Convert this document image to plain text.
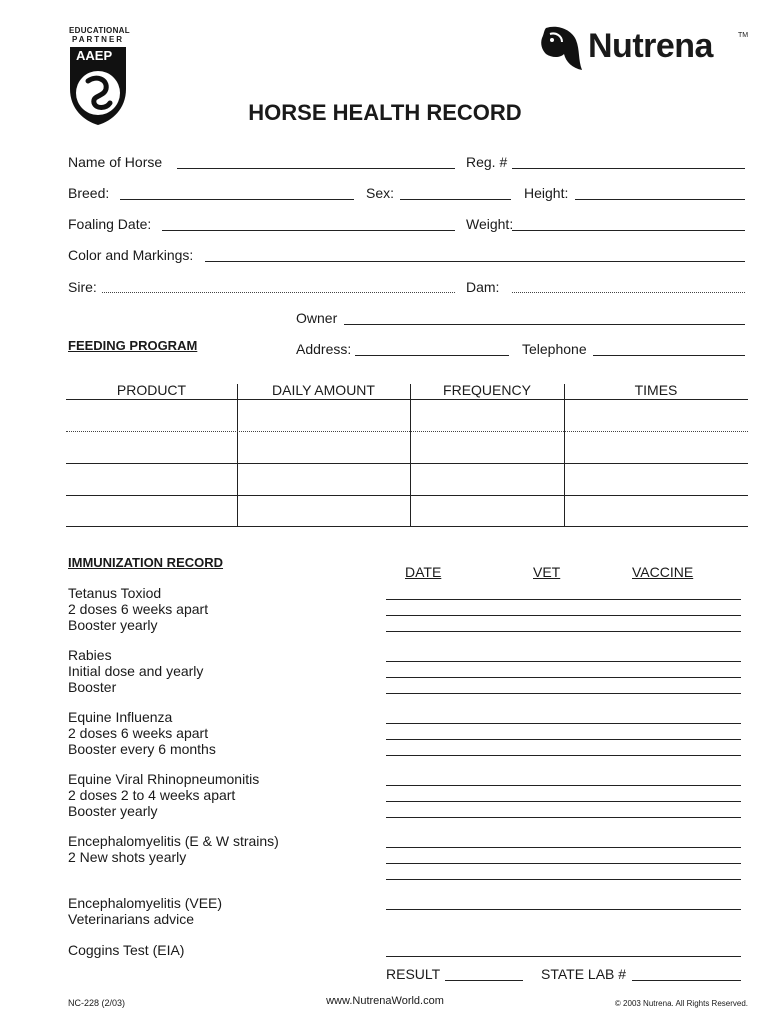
EDUCATIONAL
PARTNER
AAEP	Nutrena	TM
HORSE HEALTH RECORD
Name of Horse	Reg. #
Breed:	Sex:	Height:
Foaling Date:	Weight:
Color and Markings:
Sire:	Dam:
Owner
FEEDING PROGRAM	Address:	Telephone
PRODUCT	DAILY AMOUNT	FREQUENCY	TIMES
IMMUNIZATION RECORD
DATE	VET	VACCINE
Tetanus Toxiod
2 doses 6 weeks apart
Booster yearly
Rabies
Initial dose and yearly
Booster
Equine Influenza
2 doses 6 weeks apart
Booster every 6 months
Equine Viral Rhinopneumonitis
2 doses 2 to 4 weeks apart
Booster yearly
Encephalomyelitis (E & W strains)
2 New shots yearly
Encephalomyelitis (VEE)
Veterinarians advice
Coggins Test (EIA)
RESULT	STATE LAB #
NC-228 (2/03)	www.NutrenaWorld.com	© 2003 Nutrena. All Rights Reserved.
